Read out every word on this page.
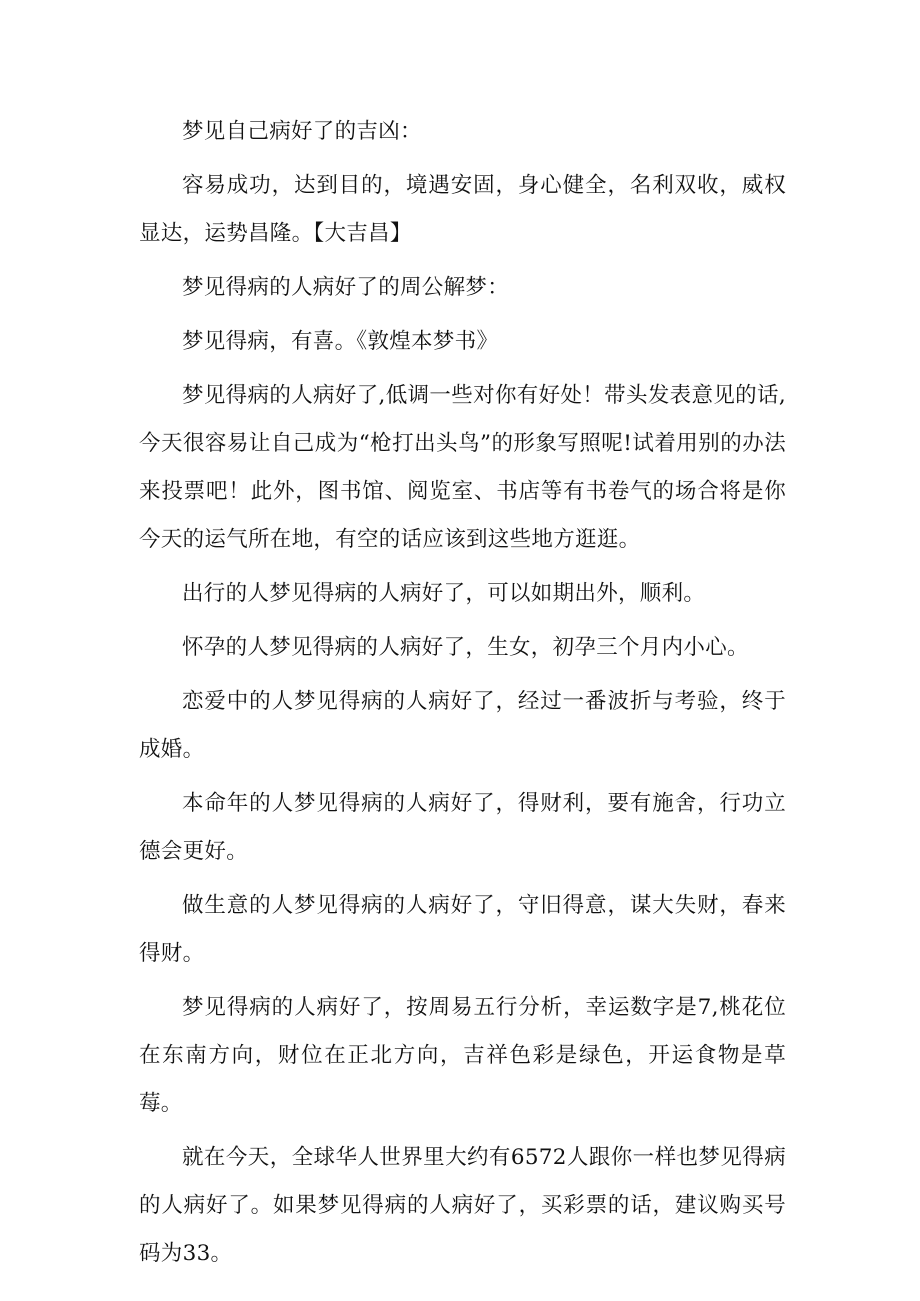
梦见自己病好了的吉凶：

容易成功，达到目的，境遇安固，身心健全，名利双收，威权显达，运势昌隆。【大吉昌】

梦见得病的人病好了的周公解梦：

梦见得病，有喜。《敦煌本梦书》

梦见得病的人病好了,低调一些对你有好处！带头发表意见的话,今天很容易让自己成为“枪打出头鸟”的形象写照呢!试着用别的办法来投票吧！此外，图书馆、阅览室、书店等有书卷气的场合将是你今天的运气所在地，有空的话应该到这些地方逛逛。

出行的人梦见得病的人病好了，可以如期出外，顺利。

怀孕的人梦见得病的人病好了，生女，初孕三个月内小心。

恋爱中的人梦见得病的人病好了，经过一番波折与考验，终于成婚。

本命年的人梦见得病的人病好了，得财利，要有施舍，行功立德会更好。

做生意的人梦见得病的人病好了，守旧得意，谋大失财，春来得财。

梦见得病的人病好了，按周易五行分析，幸运数字是7,桃花位在东南方向，财位在正北方向，吉祥色彩是绿色，开运食物是草莓。

就在今天，全球华人世界里大约有6572人跟你一样也梦见得病的人病好了。如果梦见得病的人病好了，买彩票的话，建议购买号码为33。
